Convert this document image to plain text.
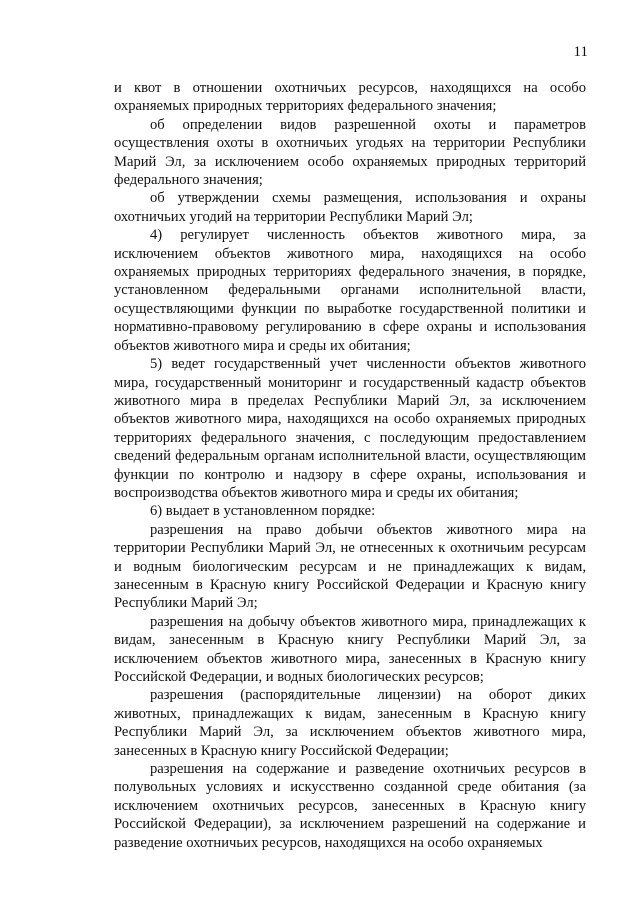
11

и квот в отношении охотничьих ресурсов, находящихся на особо охраняемых природных территориях федерального значения;

об определении видов разрешенной охоты и параметров осуществления охоты в охотничьих угодьях на территории Республики Марий Эл, за исключением особо охраняемых природных территорий федерального значения;

об утверждении схемы размещения, использования и охраны охотничьих угодий на территории Республики Марий Эл;

4) регулирует численность объектов животного мира, за исключением объектов животного мира, находящихся на особо охраняемых природных территориях федерального значения, в порядке, установленном федеральными органами исполнительной власти, осуществляющими функции по выработке государственной политики и нормативно-правовому регулированию в сфере охраны и использования объектов животного мира и среды их обитания;

5) ведет государственный учет численности объектов животного мира, государственный мониторинг и государственный кадастр объектов животного мира в пределах Республики Марий Эл, за исключением объектов животного мира, находящихся на особо охраняемых природных территориях федерального значения, с последующим предоставлением сведений федеральным органам исполнительной власти, осуществляющим функции по контролю и надзору в сфере охраны, использования и воспроизводства объектов животного мира и среды их обитания;

6) выдает в установленном порядке:

разрешения на право добычи объектов животного мира на территории Республики Марий Эл, не отнесенных к охотничьим ресурсам и водным биологическим ресурсам и не принадлежащих к видам, занесенным в Красную книгу Российской Федерации и Красную книгу Республики Марий Эл;

разрешения на добычу объектов животного мира, принадлежащих к видам, занесенным в Красную книгу Республики Марий Эл, за исключением объектов животного мира, занесенных в Красную книгу Российской Федерации, и водных биологических ресурсов;

разрешения (распорядительные лицензии) на оборот диких животных, принадлежащих к видам, занесенным в Красную книгу Республики Марий Эл, за исключением объектов животного мира, занесенных в Красную книгу Российской Федерации;

разрешения на содержание и разведение охотничьих ресурсов в полувольных условиях и искусственно созданной среде обитания (за исключением охотничьих ресурсов, занесенных в Красную книгу Российской Федерации), за исключением разрешений на содержание и разведение охотничьих ресурсов, находящихся на особо охраняемых
